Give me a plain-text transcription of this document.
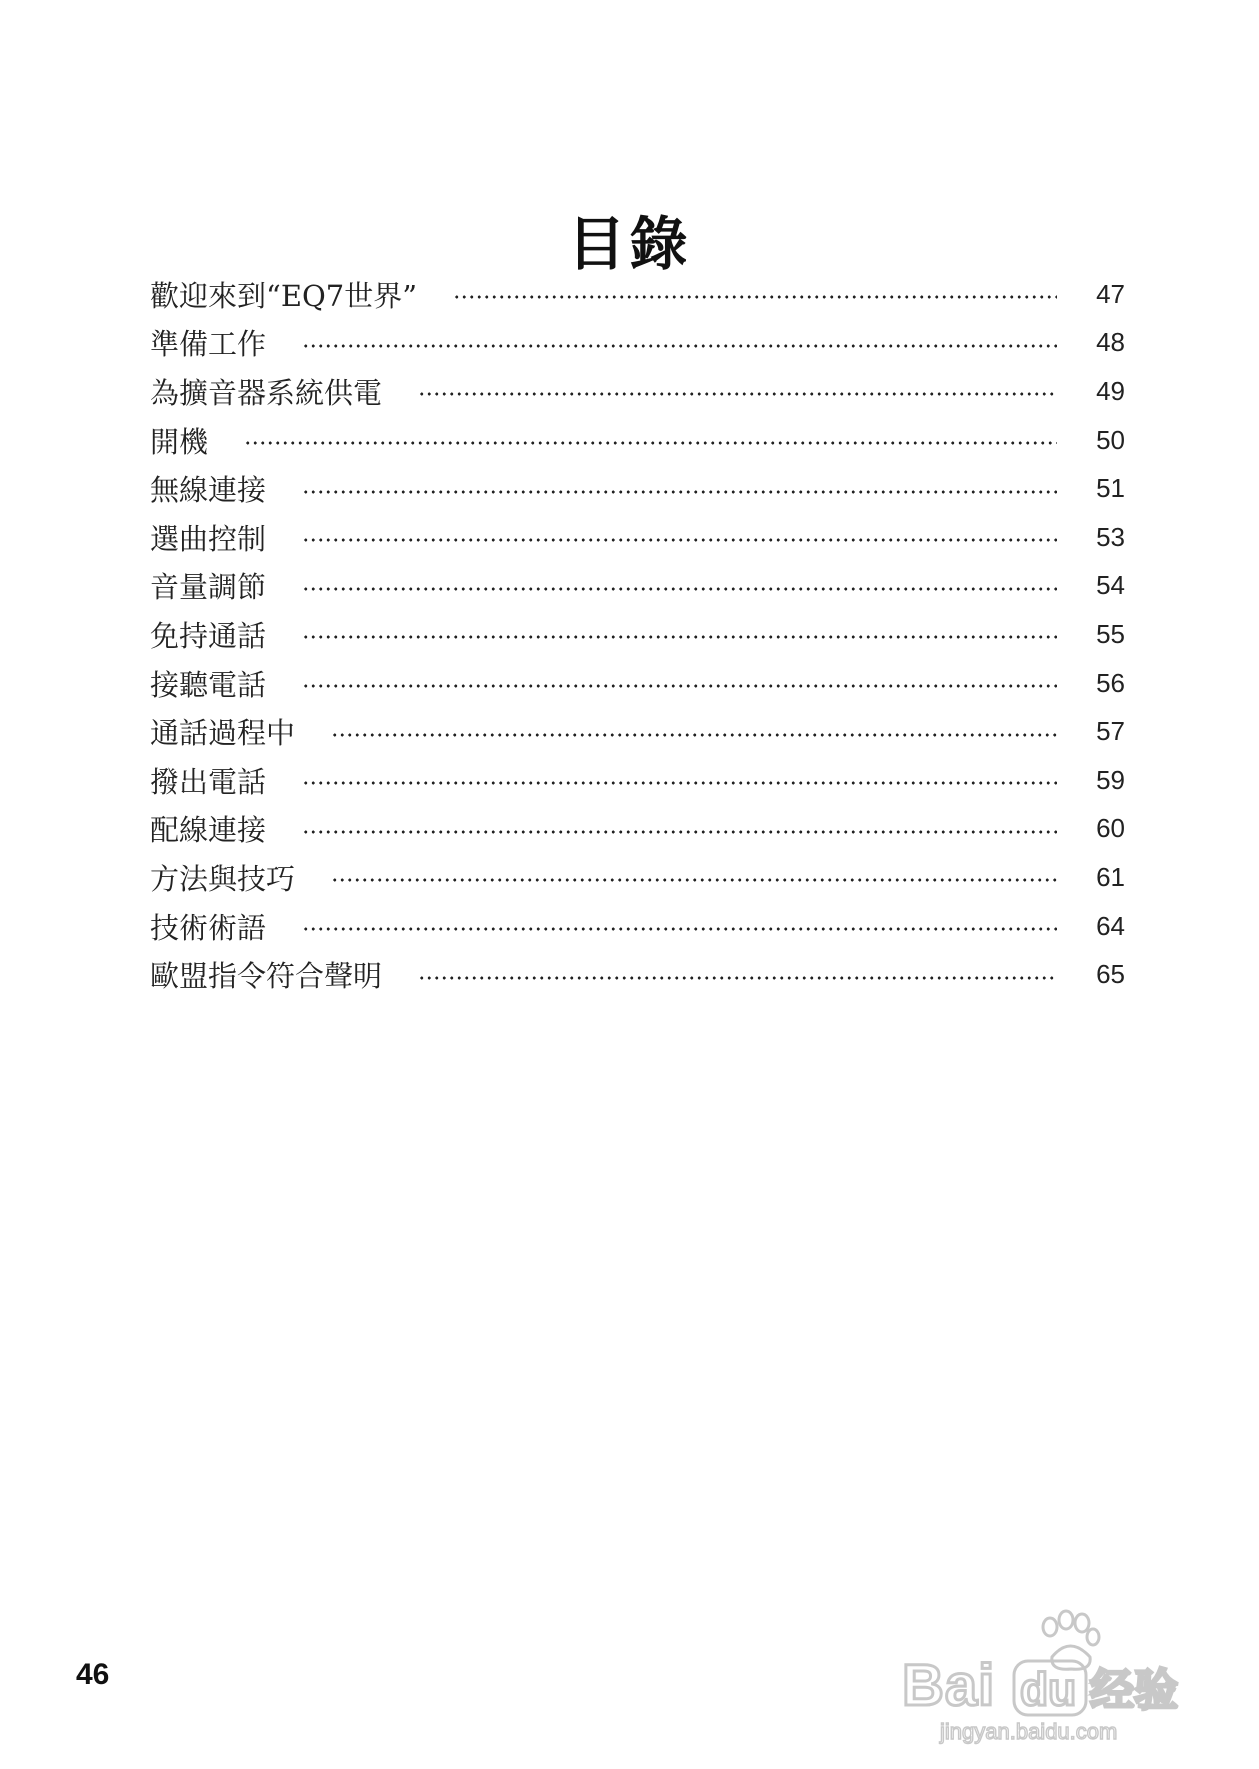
目錄
歡迎來到“EQ7世界”	47
準備工作	48
為擴音器系統供電	49
開機	50
無線連接	51
選曲控制	53
音量調節	54
免持通話	55
接聽電話	56
通話過程中	57
撥出電話	59
配線連接	60
方法與技巧	61
技術術語	64
歐盟指令符合聲明	65
46	Bai du 经验
jingyan.baidu.com
